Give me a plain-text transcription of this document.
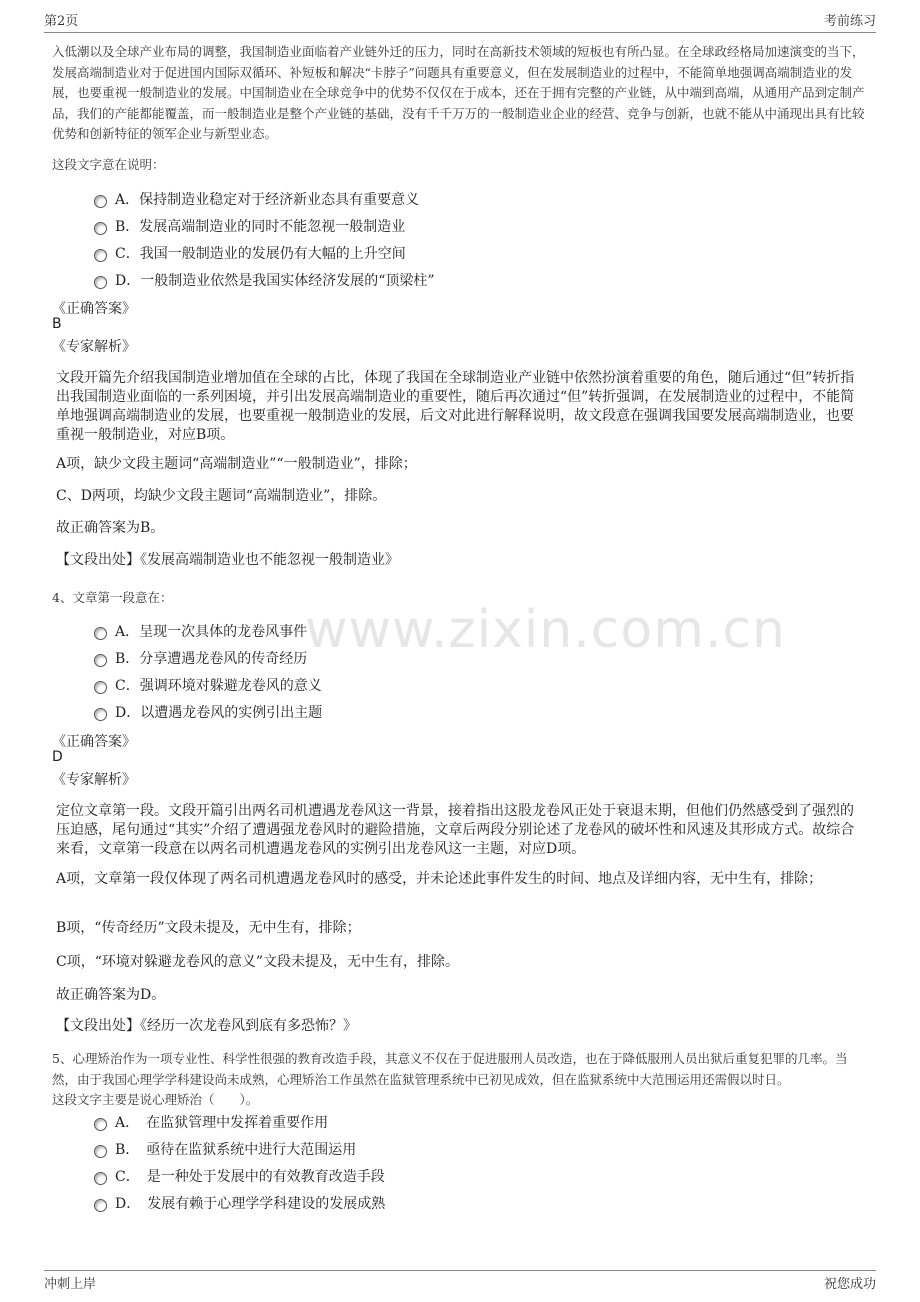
第2页	考前练习
www.zixin.com.cn
入低潮以及全球产业布局的调整，我国制造业面临着产业链外迁的压力，同时在高新技术领域的短板也有所凸显。在全球政经格局加速演变的当下，发展高端制造业对于促进国内国际双循环、补短板和解决“卡脖子”问题具有重要意义，但在发展制造业的过程中，不能简单地强调高端制造业的发展，也要重视一般制造业的发展。中国制造业在全球竞争中的优势不仅仅在于成本，还在于拥有完整的产业链，从中端到高端，从通用产品到定制产品，我们的产能都能覆盖，而一般制造业是整个产业链的基础，没有千千万万的一般制造业企业的经营、竞争与创新，也就不能从中涌现出具有比较优势和创新特征的领军企业与新型业态。
这段文字意在说明：
A．保持制造业稳定对于经济新业态具有重要意义
B．发展高端制造业的同时不能忽视一般制造业
C．我国一般制造业的发展仍有大幅的上升空间
D．一般制造业依然是我国实体经济发展的“顶梁柱”
《正确答案》
B
《专家解析》
文段开篇先介绍我国制造业增加值在全球的占比，体现了我国在全球制造业产业链中依然扮演着重要的角色，随后通过“但”转折指出我国制造业面临的一系列困境，并引出发展高端制造业的重要性，随后再次通过“但”转折强调，在发展制造业的过程中，不能简单地强调高端制造业的发展，也要重视一般制造业的发展，后文对此进行解释说明，故文段意在强调我国要发展高端制造业，也要重视一般制造业，对应B项。
A项，缺少文段主题词“高端制造业”“一般制造业”，排除；
C、D两项，均缺少文段主题词“高端制造业”，排除。
故正确答案为B。
【文段出处】《发展高端制造业也不能忽视一般制造业》
4、文章第一段意在：
A．呈现一次具体的龙卷风事件
B．分享遭遇龙卷风的传奇经历
C．强调环境对躲避龙卷风的意义
D．以遭遇龙卷风的实例引出主题
《正确答案》
D
《专家解析》
定位文章第一段。文段开篇引出两名司机遭遇龙卷风这一背景，接着指出这股龙卷风正处于衰退末期，但他们仍然感受到了强烈的压迫感，尾句通过“其实”介绍了遭遇强龙卷风时的避险措施，文章后两段分别论述了龙卷风的破坏性和风速及其形成方式。故综合来看，文章第一段意在以两名司机遭遇龙卷风的实例引出龙卷风这一主题，对应D项。
A项，文章第一段仅体现了两名司机遭遇龙卷风时的感受，并未论述此事件发生的时间、地点及详细内容，无中生有，排除；
B项，“传奇经历”文段未提及，无中生有，排除；
C项，“环境对躲避龙卷风的意义”文段未提及，无中生有，排除。
故正确答案为D。
【文段出处】《经历一次龙卷风到底有多恐怖？》
5、心理矫治作为一项专业性、科学性很强的教育改造手段，其意义不仅在于促进服刑人员改造，也在于降低服刑人员出狱后重复犯罪的几率。当然，由于我国心理学学科建设尚未成熟，心理矫治工作虽然在监狱管理系统中已初见成效，但在监狱系统中大范围运用还需假以时日。
这段文字主要是说心理矫治（　　）。
A．　在监狱管理中发挥着重要作用
B．　亟待在监狱系统中进行大范围运用
C．　是一种处于发展中的有效教育改造手段
D．　发展有赖于心理学学科建设的发展成熟
冲刺上岸	祝您成功
